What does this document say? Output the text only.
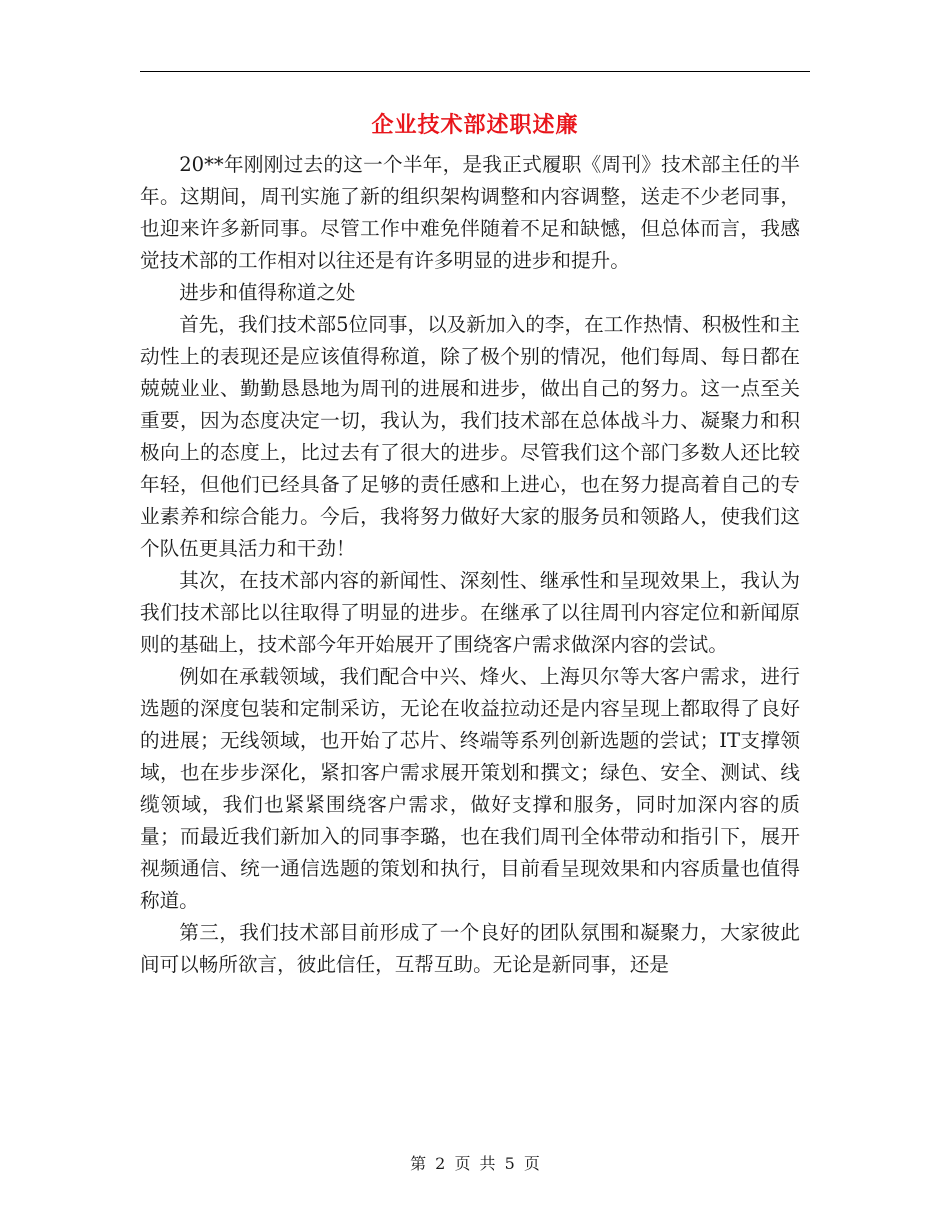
企业技术部述职述廉

20**年刚刚过去的这一个半年，是我正式履职《周刊》技术部主任的半年。这期间，周刊实施了新的组织架构调整和内容调整，送走不少老同事，也迎来许多新同事。尽管工作中难免伴随着不足和缺憾，但总体而言，我感觉技术部的工作相对以往还是有许多明显的进步和提升。

进步和值得称道之处

首先，我们技术部5位同事，以及新加入的李，在工作热情、积极性和主动性上的表现还是应该值得称道，除了极个别的情况，他们每周、每日都在兢兢业业、勤勤恳恳地为周刊的进展和进步，做出自己的努力。这一点至关重要，因为态度决定一切，我认为，我们技术部在总体战斗力、凝聚力和积极向上的态度上，比过去有了很大的进步。尽管我们这个部门多数人还比较年轻，但他们已经具备了足够的责任感和上进心，也在努力提高着自己的专业素养和综合能力。今后，我将努力做好大家的服务员和领路人，使我们这个队伍更具活力和干劲！

其次，在技术部内容的新闻性、深刻性、继承性和呈现效果上，我认为我们技术部比以往取得了明显的进步。在继承了以往周刊内容定位和新闻原则的基础上，技术部今年开始展开了围绕客户需求做深内容的尝试。

例如在承载领域，我们配合中兴、烽火、上海贝尔等大客户需求，进行选题的深度包装和定制采访，无论在收益拉动还是内容呈现上都取得了良好的进展；无线领域，也开始了芯片、终端等系列创新选题的尝试；IT支撑领域，也在步步深化，紧扣客户需求展开策划和撰文；绿色、安全、测试、线缆领域，我们也紧紧围绕客户需求，做好支撑和服务，同时加深内容的质量；而最近我们新加入的同事李璐，也在我们周刊全体带动和指引下，展开视频通信、统一通信选题的策划和执行，目前看呈现效果和内容质量也值得称道。

第三，我们技术部目前形成了一个良好的团队氛围和凝聚力，大家彼此间可以畅所欲言，彼此信任，互帮互助。无论是新同事，还是

第 2 页 共 5 页
